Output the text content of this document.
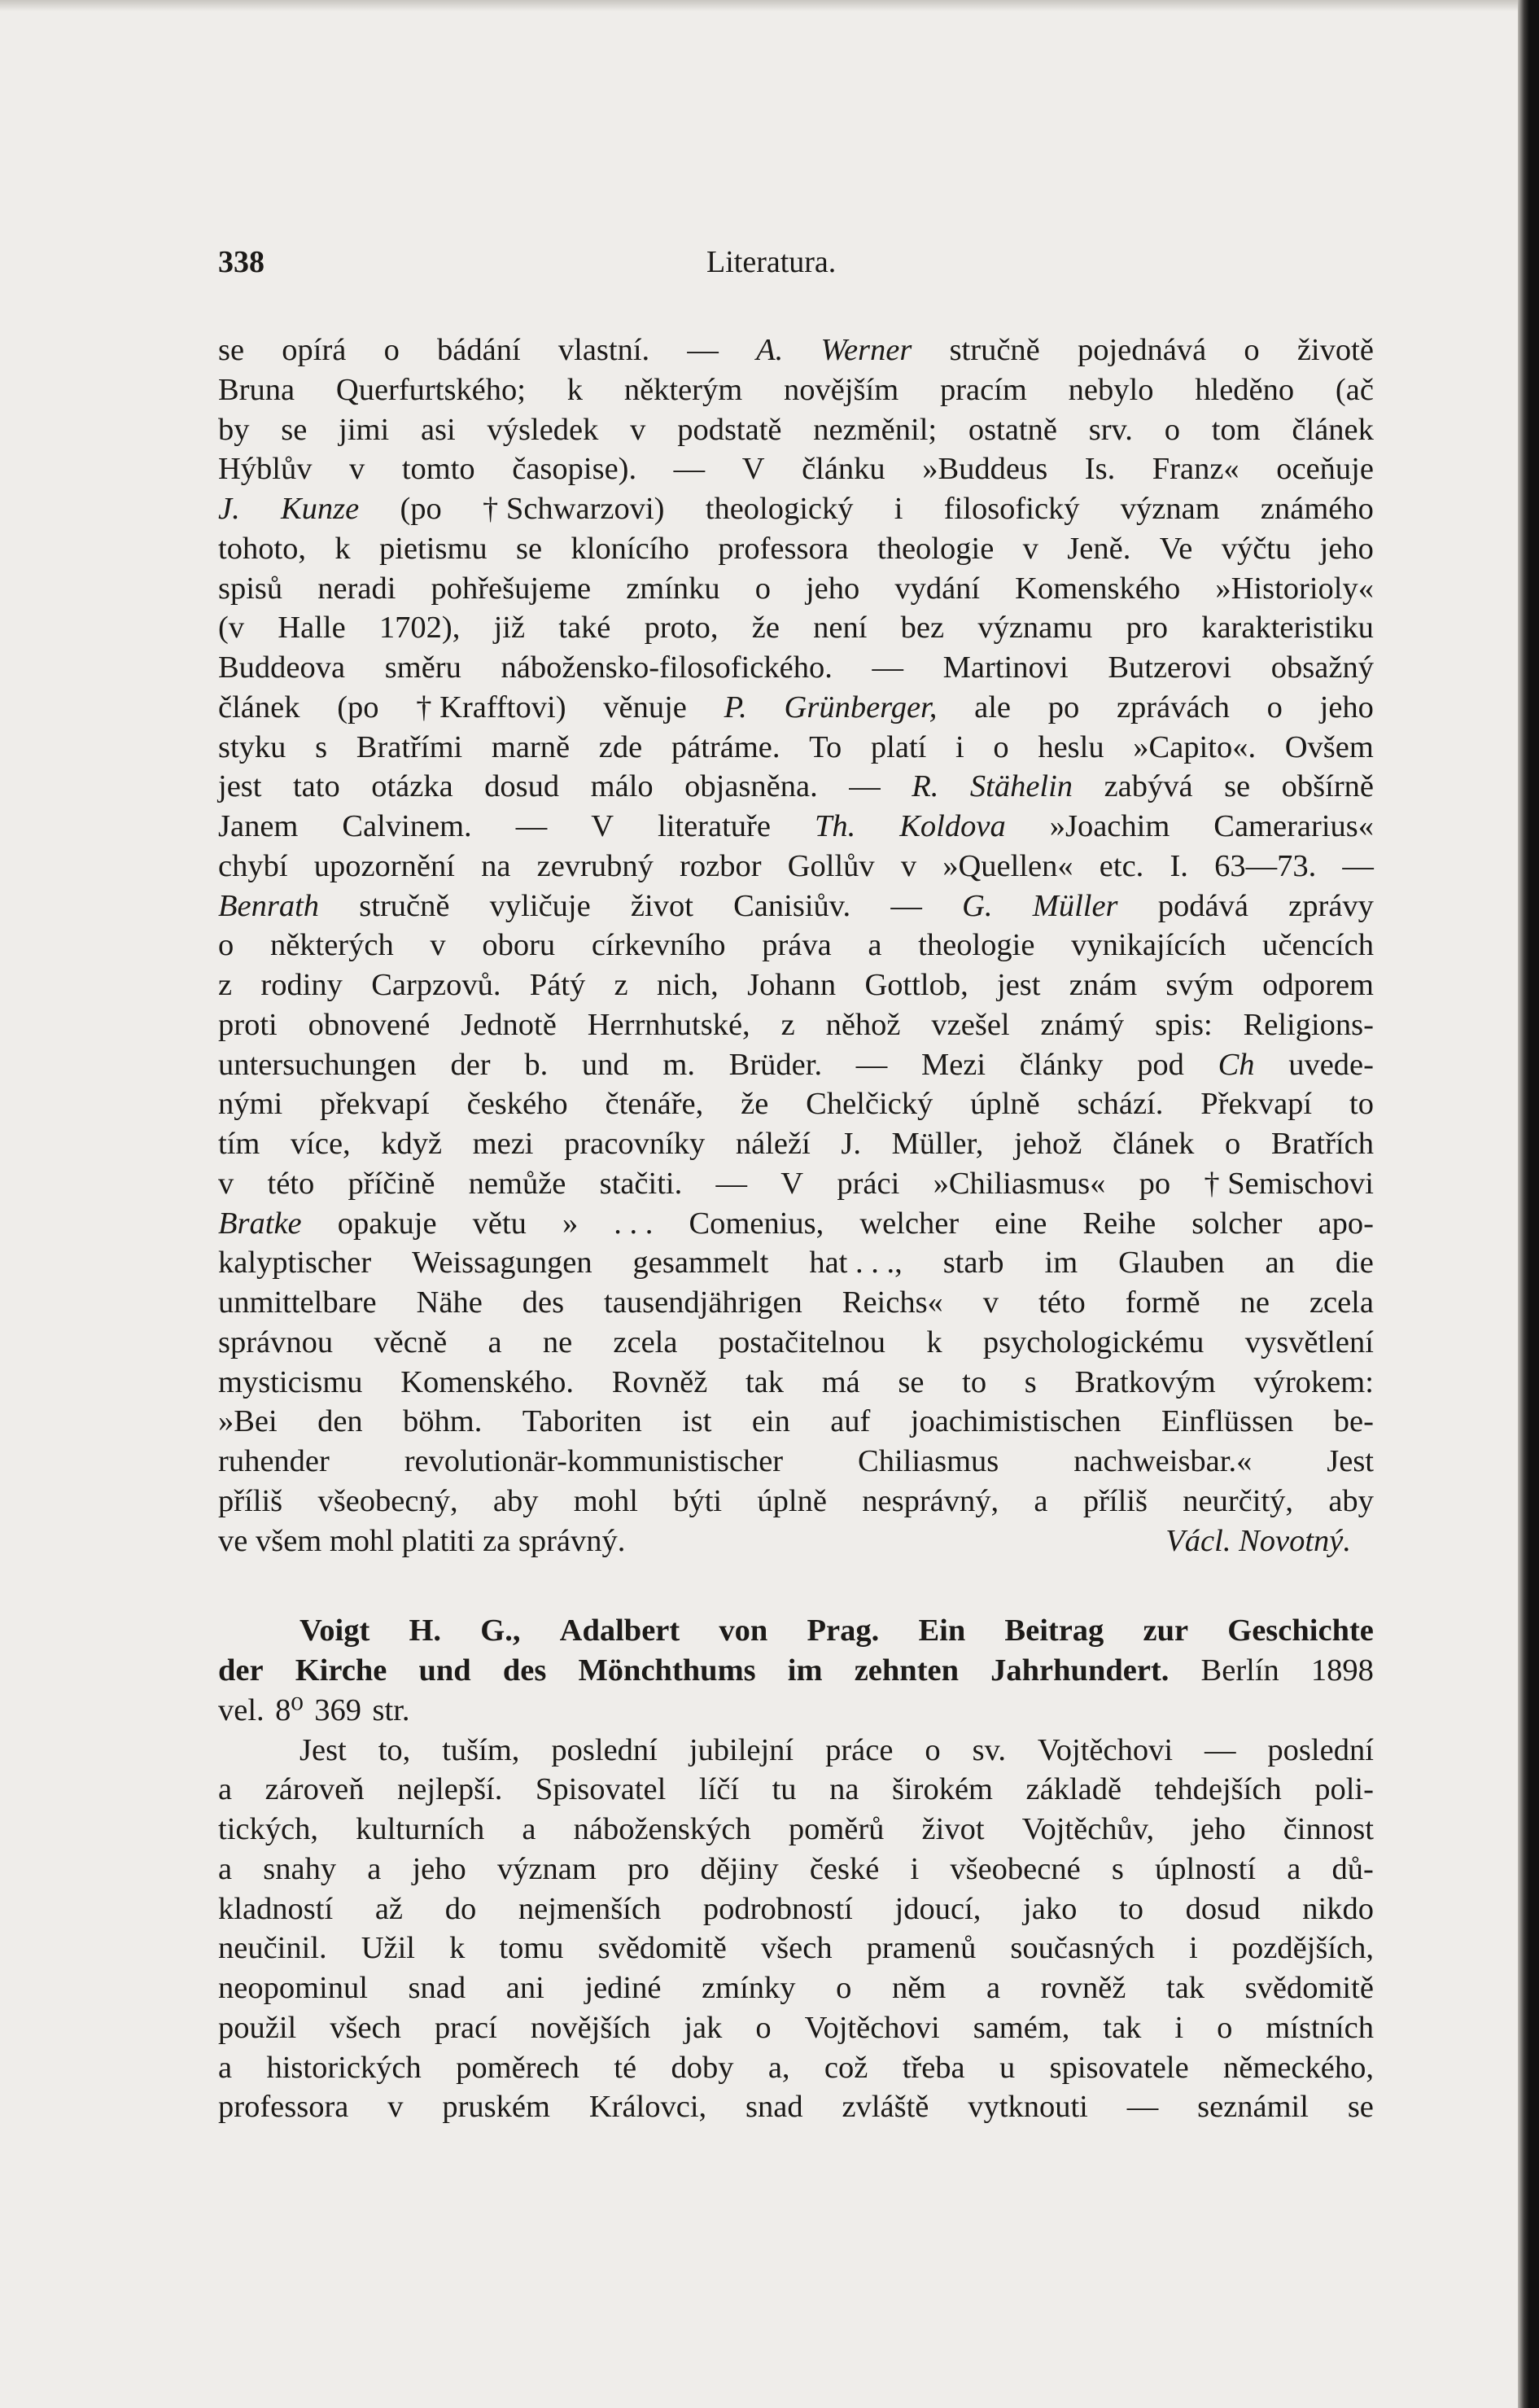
338	Literatura.
se opírá o bádání vlastní. — A. Werner stručně pojednává o životě
Bruna Querfurtského; k některým novějším pracím nebylo hleděno (ač
by se jimi asi výsledek v podstatě nezměnil; ostatně srv. o tom článek
Hýblův v tomto časopise). — V článku »Buddeus Is. Franz« oceňuje
J. Kunze (po † Schwarzovi) theologický i filosofický význam známého
tohoto, k pietismu se klonícího professora theologie v Jeně. Ve výčtu jeho
spisů neradi pohřešujeme zmínku o jeho vydání Komenského »Historioly«
(v Halle 1702), již také proto, že není bez významu pro karakteristiku
Buddeova směru nábožensko-filosofického. — Martinovi Butzerovi obsažný
článek (po † Krafftovi) věnuje P. Grünberger, ale po zprávách o jeho
styku s Bratřími marně zde pátráme. To platí i o heslu »Capito«. Ovšem
jest tato otázka dosud málo objasněna. — R. Stähelin zabývá se obšírně
Janem Calvinem. — V literatuře Th. Koldova »Joachim Camerarius«
chybí upozornění na zevrubný rozbor Gollův v »Quellen« etc. I. 63—73. —
Benrath stručně vyličuje život Canisiův. — G. Müller podává zprávy
o některých v oboru církevního práva a theologie vynikajících učencích
z rodiny Carpzovů. Pátý z nich, Johann Gottlob, jest znám svým odporem
proti obnovené Jednotě Herrnhutské, z něhož vzešel známý spis: Religions-
untersuchungen der b. und m. Brüder. — Mezi články pod Ch uvede-
nými překvapí českého čtenáře, že Chelčický úplně schází. Překvapí to
tím více, když mezi pracovníky náleží J. Müller, jehož článek o Bratřích
v této příčině nemůže stačiti. — V práci »Chiliasmus« po † Semischovi
Bratke opakuje větu » . . . Comenius, welcher eine Reihe solcher apo-
kalyptischer Weissagungen gesammelt hat . . ., starb im Glauben an die
unmittelbare Nähe des tausendjährigen Reichs« v této formě ne zcela
správnou věcně a ne zcela postačitelnou k psychologickému vysvětlení
mysticismu Komenského. Rovněž tak má se to s Bratkovým výrokem:
»Bei den böhm. Taboriten ist ein auf joachimistischen Einflüssen be-
ruhender revolutionär-kommunistischer Chiliasmus nachweisbar.« Jest
příliš všeobecný, aby mohl býti úplně nesprávný, a příliš neurčitý, aby
ve všem mohl platiti za správný.	Václ. Novotný.
Voigt H. G., Adalbert von Prag. Ein Beitrag zur Geschichte
der Kirche und des Mönchthums im zehnten Jahrhundert. Berlín 1898
vel. 8⁰ 369 str.
Jest to, tuším, poslední jubilejní práce o sv. Vojtěchovi — poslední
a zároveň nejlepší. Spisovatel líčí tu na širokém základě tehdejších poli-
tických, kulturních a náboženských poměrů život Vojtěchův, jeho činnost
a snahy a jeho význam pro dějiny české i všeobecné s úplností a dů-
kladností až do nejmenších podrobností jdoucí, jako to dosud nikdo
neučinil. Užil k tomu svědomitě všech pramenů současných i pozdějších,
neopominul snad ani jediné zmínky o něm a rovněž tak svědomitě
použil všech prací novějších jak o Vojtěchovi samém, tak i o místních
a historických poměrech té doby a, což třeba u spisovatele německého,
professora v pruském Královci, snad zvláště vytknouti — seznámil se
